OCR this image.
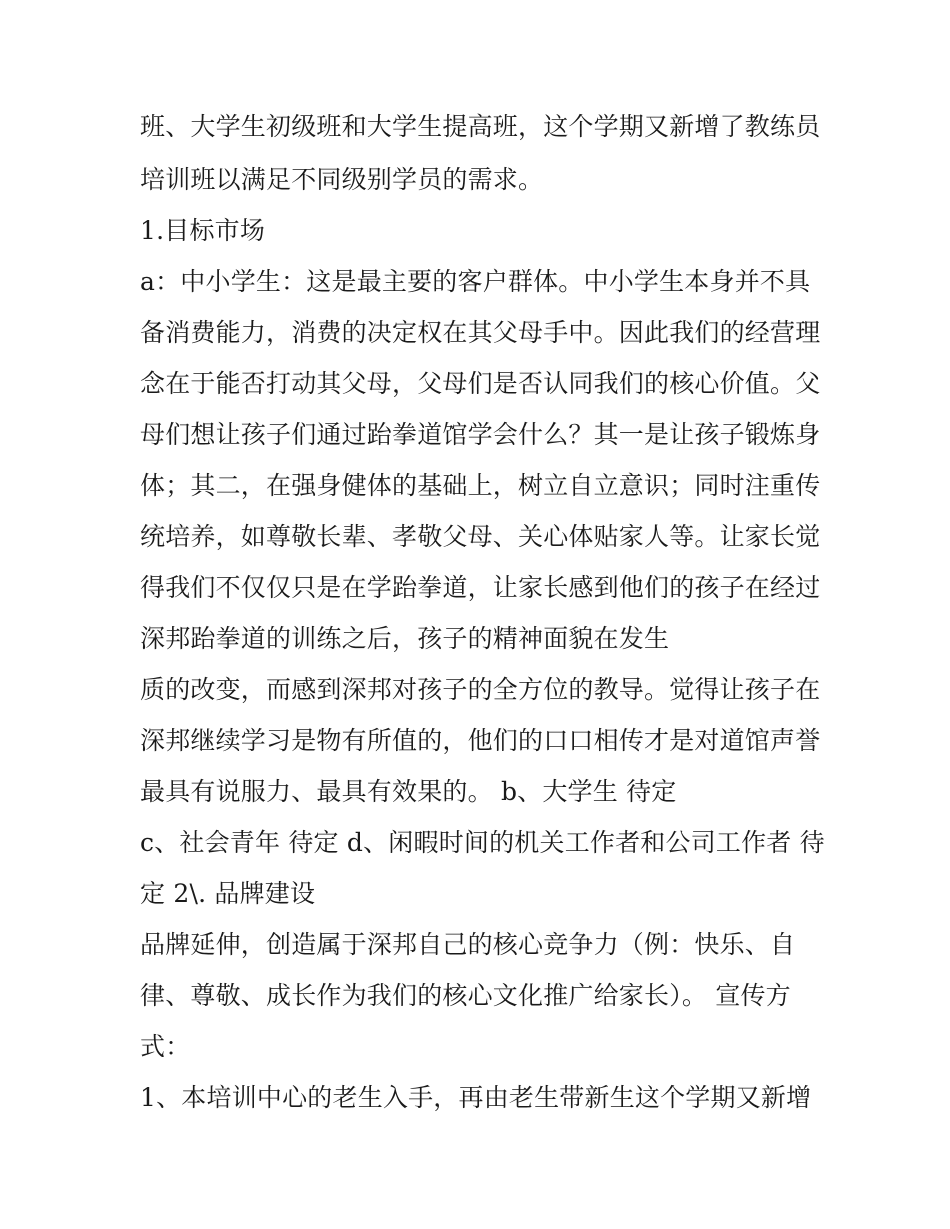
班、大学生初级班和大学生提高班，这个学期又新增了教练员
培训班以满足不同级别学员的需求。
1.目标市场
a：中小学生：这是最主要的客户群体。中小学生本身并不具
备消费能力，消费的决定权在其父母手中。因此我们的经营理
念在于能否打动其父母，父母们是否认同我们的核心价值。父
母们想让孩子们通过跆拳道馆学会什么？其一是让孩子锻炼身
体；其二，在强身健体的基础上，树立自立意识；同时注重传
统培养，如尊敬长辈、孝敬父母、关心体贴家人等。让家长觉
得我们不仅仅只是在学跆拳道，让家长感到他们的孩子在经过
深邦跆拳道的训练之后，孩子的精神面貌在发生
质的改变，而感到深邦对孩子的全方位的教导。觉得让孩子在
深邦继续学习是物有所值的，他们的口口相传才是对道馆声誉
最具有说服力、最具有效果的。 b、大学生 待定
c、社会青年 待定 d、闲暇时间的机关工作者和公司工作者 待
定 2\. 品牌建设
品牌延伸，创造属于深邦自己的核心竞争力（例：快乐、自
律、尊敬、成长作为我们的核心文化推广给家长）。 宣传方
式：
1、本培训中心的老生入手，再由老生带新生这个学期又新增
